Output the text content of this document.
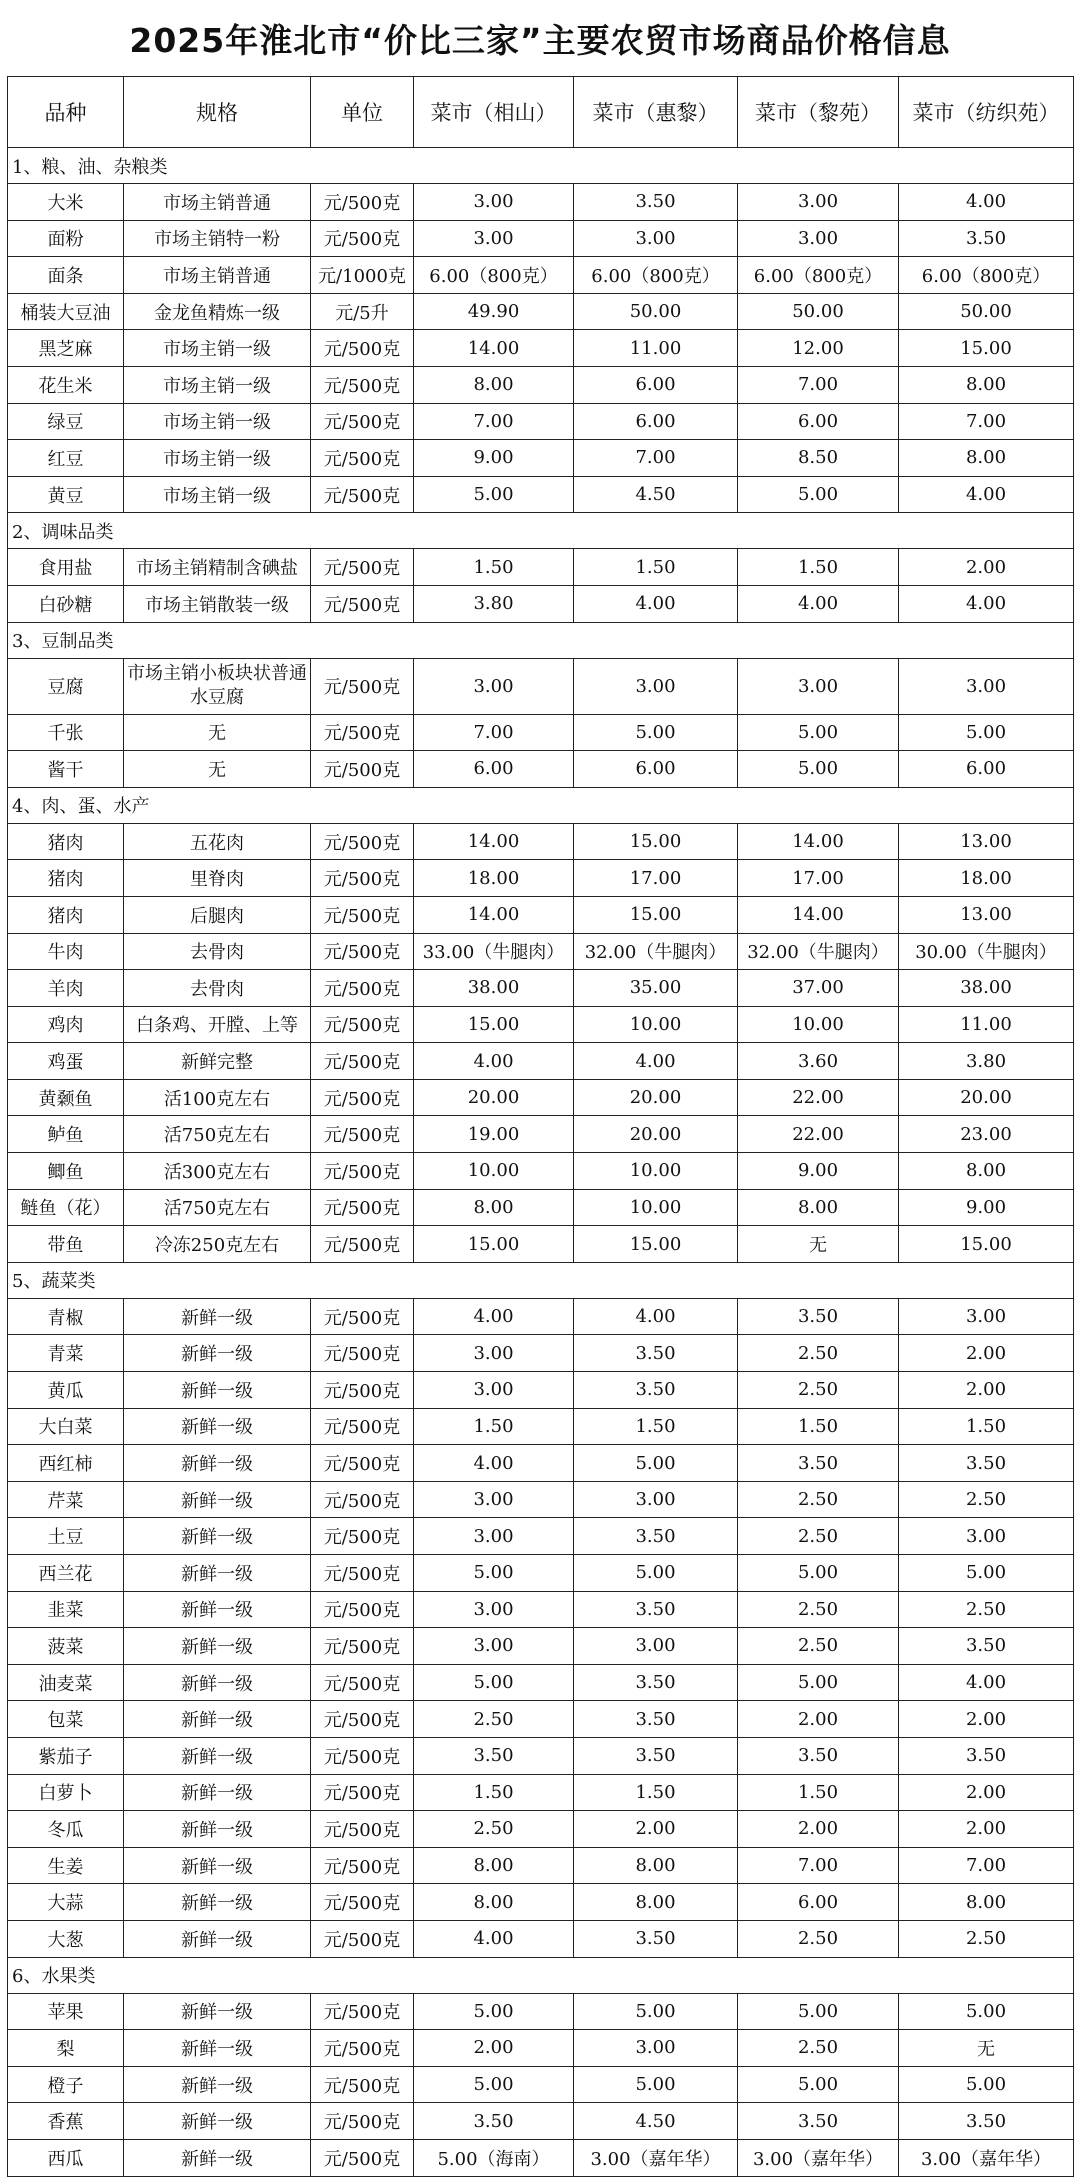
2025年淮北市“价比三家”主要农贸市场商品价格信息
品种	规格	单位	菜市（相山）	菜市（惠黎）	菜市（黎苑）	菜市（纺织苑）
1、粮、油、杂粮类						
大米	市场主销普通	元/500克	3.00	3.50	3.00	4.00
面粉	市场主销特一粉	元/500克	3.00	3.00	3.00	3.50
面条	市场主销普通	元/1000克	6.00（800克）	6.00（800克）	6.00（800克）	6.00（800克）
桶装大豆油	金龙鱼精炼一级	元/5升	49.90	50.00	50.00	50.00
黑芝麻	市场主销一级	元/500克	14.00	11.00	12.00	15.00
花生米	市场主销一级	元/500克	8.00	6.00	7.00	8.00
绿豆	市场主销一级	元/500克	7.00	6.00	6.00	7.00
红豆	市场主销一级	元/500克	9.00	7.00	8.50	8.00
黄豆	市场主销一级	元/500克	5.00	4.50	5.00	4.00
2、调味品类						
食用盐	市场主销精制含碘盐	元/500克	1.50	1.50	1.50	2.00
白砂糖	市场主销散装一级	元/500克	3.80	4.00	4.00	4.00
3、豆制品类						
豆腐	市场主销小板块状普通水豆腐	元/500克	3.00	3.00	3.00	3.00
千张	无	元/500克	7.00	5.00	5.00	5.00
酱干	无	元/500克	6.00	6.00	5.00	6.00
4、肉、蛋、水产						
猪肉	五花肉	元/500克	14.00	15.00	14.00	13.00
猪肉	里脊肉	元/500克	18.00	17.00	17.00	18.00
猪肉	后腿肉	元/500克	14.00	15.00	14.00	13.00
牛肉	去骨肉	元/500克	33.00（牛腿肉）	32.00（牛腿肉）	32.00（牛腿肉）	30.00（牛腿肉）
羊肉	去骨肉	元/500克	38.00	35.00	37.00	38.00
鸡肉	白条鸡、开膛、上等	元/500克	15.00	10.00	10.00	11.00
鸡蛋	新鲜完整	元/500克	4.00	4.00	3.60	3.80
黄颡鱼	活100克左右	元/500克	20.00	20.00	22.00	20.00
鲈鱼	活750克左右	元/500克	19.00	20.00	22.00	23.00
鲫鱼	活300克左右	元/500克	10.00	10.00	9.00	8.00
鲢鱼（花）	活750克左右	元/500克	8.00	10.00	8.00	9.00
带鱼	冷冻250克左右	元/500克	15.00	15.00	无	15.00
5、蔬菜类						
青椒	新鲜一级	元/500克	4.00	4.00	3.50	3.00
青菜	新鲜一级	元/500克	3.00	3.50	2.50	2.00
黄瓜	新鲜一级	元/500克	3.00	3.50	2.50	2.00
大白菜	新鲜一级	元/500克	1.50	1.50	1.50	1.50
西红柿	新鲜一级	元/500克	4.00	5.00	3.50	3.50
芹菜	新鲜一级	元/500克	3.00	3.00	2.50	2.50
土豆	新鲜一级	元/500克	3.00	3.50	2.50	3.00
西兰花	新鲜一级	元/500克	5.00	5.00	5.00	5.00
韭菜	新鲜一级	元/500克	3.00	3.50	2.50	2.50
菠菜	新鲜一级	元/500克	3.00	3.00	2.50	3.50
油麦菜	新鲜一级	元/500克	5.00	3.50	5.00	4.00
包菜	新鲜一级	元/500克	2.50	3.50	2.00	2.00
紫茄子	新鲜一级	元/500克	3.50	3.50	3.50	3.50
白萝卜	新鲜一级	元/500克	1.50	1.50	1.50	2.00
冬瓜	新鲜一级	元/500克	2.50	2.00	2.00	2.00
生姜	新鲜一级	元/500克	8.00	8.00	7.00	7.00
大蒜	新鲜一级	元/500克	8.00	8.00	6.00	8.00
大葱	新鲜一级	元/500克	4.00	3.50	2.50	2.50
6、水果类						
苹果	新鲜一级	元/500克	5.00	5.00	5.00	5.00
梨	新鲜一级	元/500克	2.00	3.00	2.50	无
橙子	新鲜一级	元/500克	5.00	5.00	5.00	5.00
香蕉	新鲜一级	元/500克	3.50	4.50	3.50	3.50
西瓜	新鲜一级	元/500克	5.00（海南）	3.00（嘉年华）	3.00（嘉年华）	3.00（嘉年华）
